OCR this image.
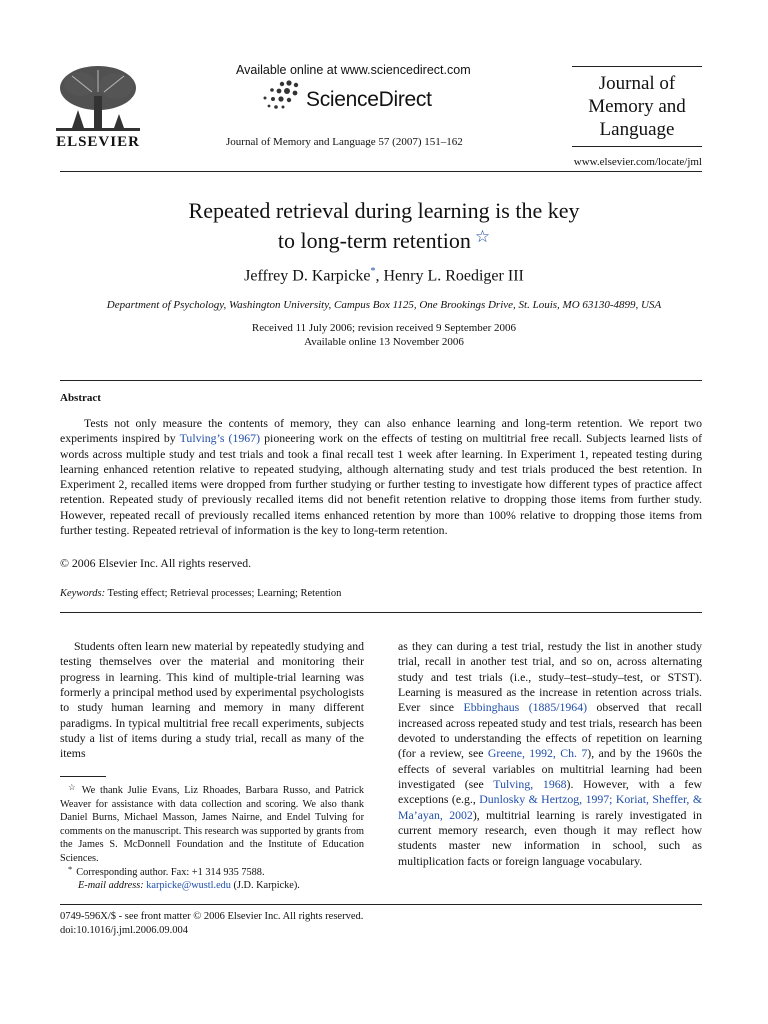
ELSEVIER
Available online at www.sciencedirect.com
ScienceDirect
Journal of Memory and Language 57 (2007) 151–162
Journal of
Memory and
Language
www.elsevier.com/locate/jml
Repeated retrieval during learning is the key
to long-term retention ☆
Jeffrey D. Karpicke*, Henry L. Roediger III
Department of Psychology, Washington University, Campus Box 1125, One Brookings Drive, St. Louis, MO 63130-4899, USA
Received 11 July 2006; revision received 9 September 2006
Available online 13 November 2006
Abstract

Tests not only measure the contents of memory, they can also enhance learning and long-term retention. We report two experiments inspired by Tulving’s (1967) pioneering work on the effects of testing on multitrial free recall. Subjects learned lists of words across multiple study and test trials and took a final recall test 1 week after learning. In Experiment 1, repeated testing during learning enhanced retention relative to repeated studying, although alternating study and test trials produced the best retention. In Experiment 2, recalled items were dropped from further studying or further testing to investigate how different types of practice affect retention. Repeated study of previously recalled items did not benefit retention relative to dropping those items from further study. However, repeated recall of previously recalled items enhanced retention by more than 100% relative to dropping those items from further testing. Repeated retrieval of information is the key to long-term retention.

© 2006 Elsevier Inc. All rights reserved.
Keywords: Testing effect; Retrieval processes; Learning; Retention

Students often learn new material by repeatedly studying and testing themselves over the material and monitoring their progress in learning. This kind of multiple-trial learning was formerly a principal method used by experimental psychologists to study human learning and memory in many different paradigms. In typical multitrial free recall experiments, subjects study a list of items during a study trial, recall as many of the items

as they can during a test trial, restudy the list in another study trial, recall in another test trial, and so on, across alternating study and test trials (i.e., study–test–study–test, or STST). Learning is measured as the increase in retention across trials. Ever since Ebbinghaus (1885/1964) observed that recall increased across repeated study and test trials, research has been devoted to understanding the effects of repetition on learning (for a review, see Greene, 1992, Ch. 7), and by the 1960s the effects of several variables on multitrial learning had been investigated (see Tulving, 1968). However, with a few exceptions (e.g., Dunlosky & Hertzog, 1997; Koriat, Sheffer, & Ma’ayan, 2002), multitrial learning is rarely investigated in current memory research, even though it may reflect how students master new information in school, such as multiplication facts or foreign language vocabulary.

☆ We thank Julie Evans, Liz Rhoades, Barbara Russo, and Patrick Weaver for assistance with data collection and scoring. We also thank Daniel Burns, Michael Masson, James Nairne, and Endel Tulving for comments on the manuscript. This research was supported by grants from the James S. McDonnell Foundation and the Institute of Education Sciences.

* Corresponding author. Fax: +1 314 935 7588.

E-mail address: karpicke@wustl.edu (J.D. Karpicke).

0749-596X/$ - see front matter © 2006 Elsevier Inc. All rights reserved.
doi:10.1016/j.jml.2006.09.004
